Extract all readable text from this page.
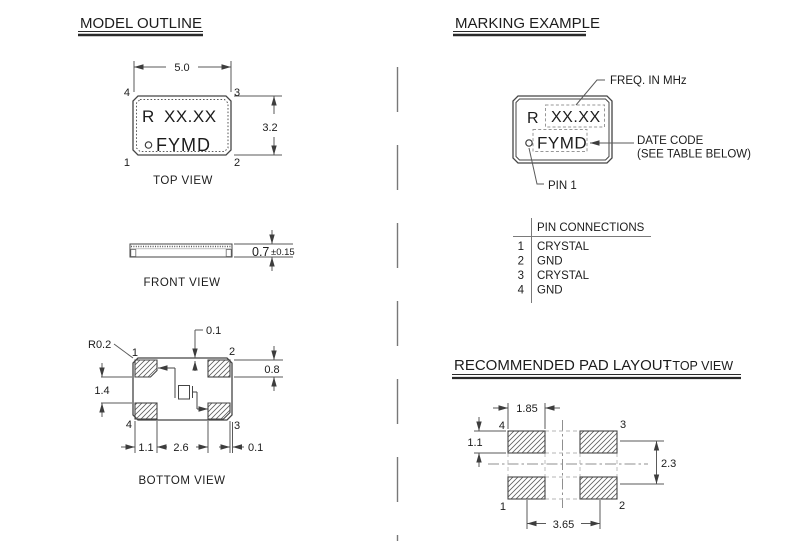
MODEL OUTLINE
R XX.XX
FYMD
5.0
3.2
4	3
1	2
TOP VIEW
0.7 ±0.15
FRONT VIEW
0.1
R0.2
1.4
0.8
1.1 2.6	0.1
1	2
4	3
BOTTOM VIEW
MARKING EXAMPLE
R XX.XX
FYMD
FREQ. IN MHz
DATE CODE
(SEE TABLE BELOW)
PIN 1
PIN CONNECTIONS
1 CRYSTAL
2 GND
3 CRYSTAL
4 GND
RECOMMENDED PAD LAYOUT
- TOP VIEW
1.85
1.1
2.3
3.65
4	3
1	2
